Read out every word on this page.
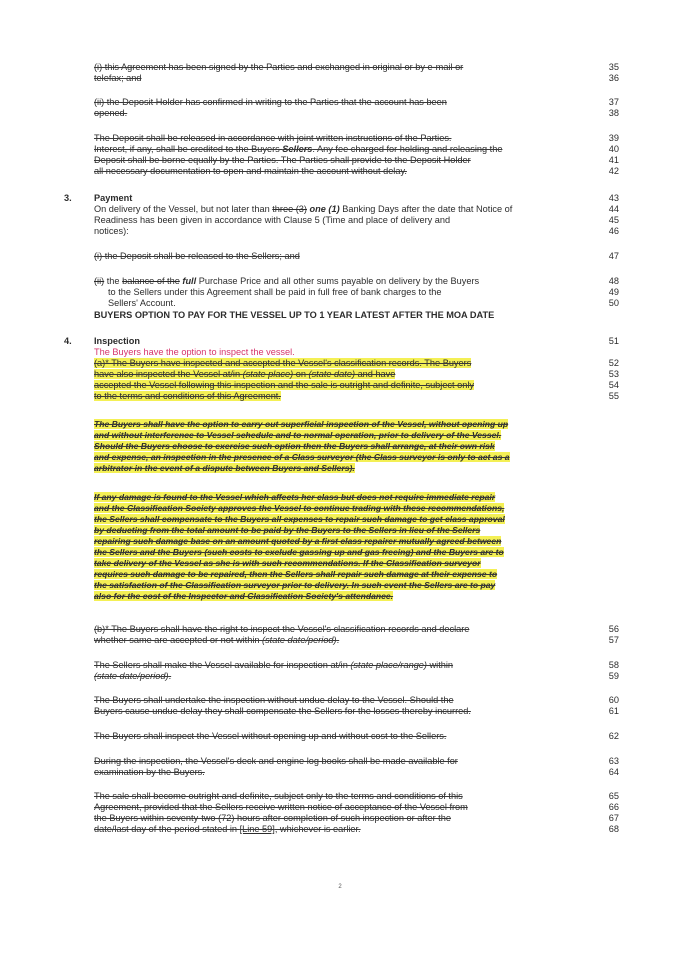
(i) this Agreement has been signed by the Parties and exchanged in original or by e-mail or	35
telefax; and	36
(ii) the Deposit Holder has confirmed in writing to the Parties that the account has been	37
opened.	38
The Deposit shall be released in accordance with joint written instructions of the Parties.	39
Interest, if any, shall be credited to the Buyers Sellers. Any fee charged for holding and releasing the	40
Deposit shall be borne equally by the Parties. The Parties shall provide to the Deposit Holder	41
all necessary documentation to open and maintain the account without delay.	42
3. Payment	43
On delivery of the Vessel, but not later than three (3) one (1) Banking Days after the date that Notice of	44
Readiness has been given in accordance with Clause 5 (Time and place of delivery and	45
notices):	46
(i) the Deposit shall be released to the Sellers; and	47
(ii) the balance of the full Purchase Price and all other sums payable on delivery by the Buyers	48
to the Sellers under this Agreement shall be paid in full free of bank charges to the	49
Sellers' Account.	50
BUYERS OPTION TO PAY FOR THE VESSEL UP TO 1 YEAR LATEST AFTER THE MOA DATE
4. Inspection	51
The Buyers have the option to inspect the vessel.
(a)* The Buyers have inspected and accepted the Vessel's classification records. The Buyers	52
have also inspected the Vessel at/in (state place) on (state date) and have	53
accepted the Vessel following this inspection and the sale is outright and definite, subject only	54
to the terms and conditions of this Agreement.	55
The Buyers shall have the option to carry out superficial inspection of the Vessel, without opening up
and without interference to Vessel schedule and to normal operation, prior to delivery of the Vessel.
Should the Buyers choose to exercise such option then the Buyers shall arrange, at their own risk
and expense, an inspection in the presence of a Class surveyor (the Class surveyor is only to act as a
arbitrator in the event of a dispute between Buyers and Sellers).
If any damage is found to the Vessel which affects her class but does not require immediate repair
and the Classification Society approves the Vessel to continue trading with these recommendations,
the Sellers shall compensate to the Buyers all expenses to repair such damage to get class approval
by deducting from the total amount to be paid by the Buyers to the Sellers in lieu of the Sellers
repairing such damage base on an amount quoted by a first class repairer mutually agreed between
the Sellers and the Buyers (such costs to exclude gassing up and gas freeing) and the Buyers are to
take delivery of the Vessel as she is with such recommendations. If the Classification surveyor
requires such damage to be repaired, then the Sellers shall repair such damage at their expense to
the satisfaction of the Classification surveyor prior to delivery. In such event the Sellers are to pay
also for the cost of the Inspector and Classification Society's attendance.
(b)* The Buyers shall have the right to inspect the Vessel's classification records and declare	56
whether same are accepted or not within (state date/period).	57
The Sellers shall make the Vessel available for inspection at/in (state place/range) within	58
(state date/period).	59
The Buyers shall undertake the inspection without undue delay to the Vessel. Should the	60
Buyers cause undue delay they shall compensate the Sellers for the losses thereby incurred.	61
The Buyers shall inspect the Vessel without opening up and without cost to the Sellers.	62
During the inspection, the Vessel's deck and engine log books shall be made available for	63
examination by the Buyers.	64
The sale shall become outright and definite, subject only to the terms and conditions of this	65
Agreement, provided that the Sellers receive written notice of acceptance of the Vessel from	66
the Buyers within seventy-two (72) hours after completion of such inspection or after the	67
date/last day of the period stated in [Line 59], whichever is earlier.	68
2
